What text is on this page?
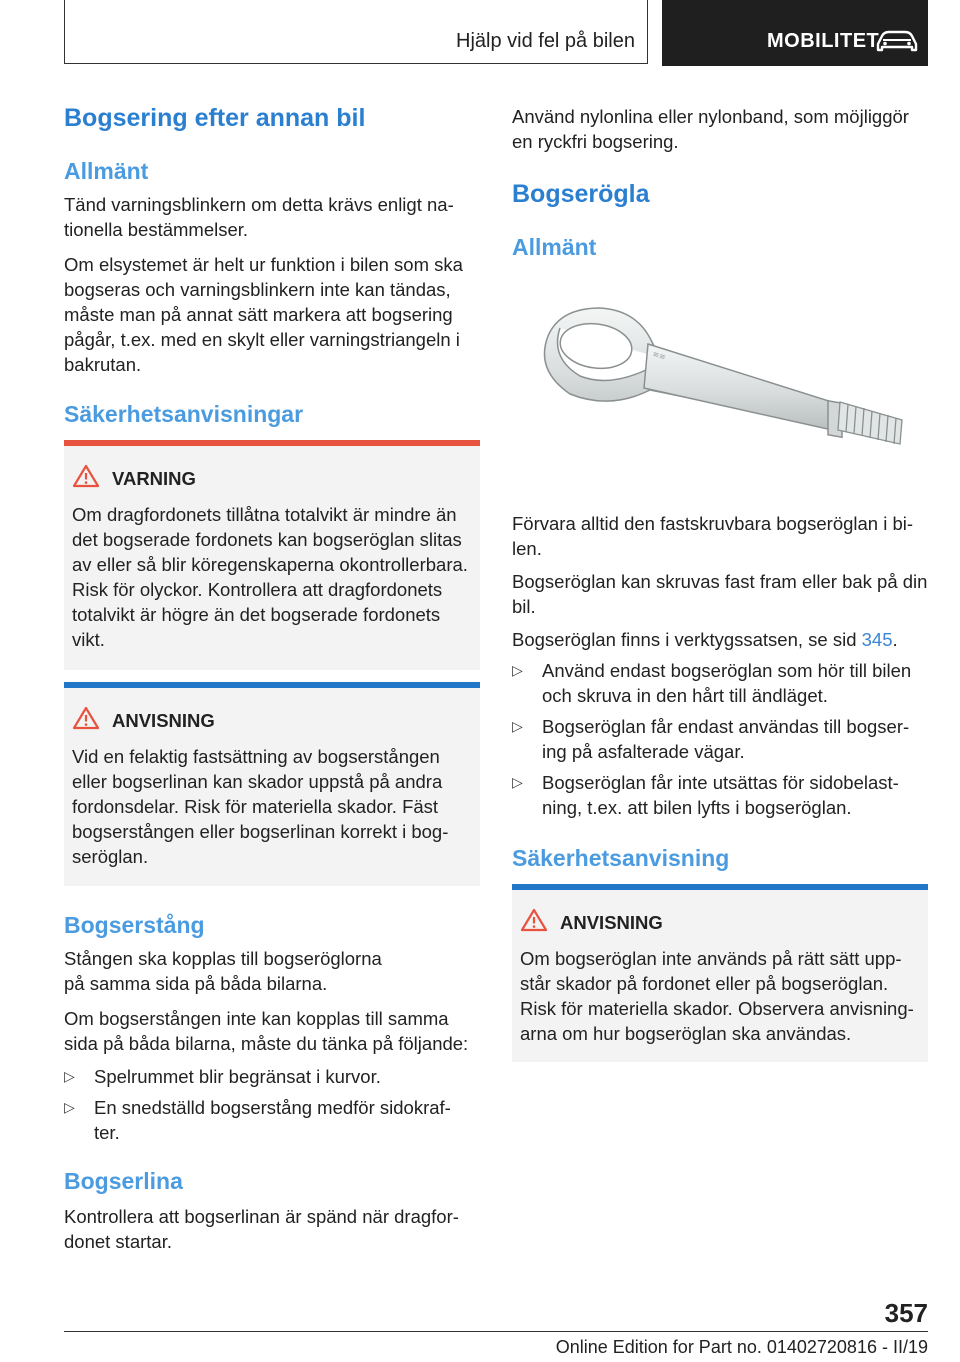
Hjälp vid fel på bilen	MOBILITET
Bogsering efter annan bil
Allmänt

Tänd varningsblinkern om detta krävs enligt na-tionella bestämmelser.

Om elsystemet är helt ur funktion i bilen som ska bogseras och varningsblinkern inte kan tändas, måste man på annat sätt markera att bogsering pågår, t.ex. med en skylt eller varningstriangeln i bakrutan.

Säkerhetsanvisningar
VARNING
Om dragfordonets tillåtna totalvikt är mindre än det bogserade fordonets kan bogseröglan slitas av eller så blir köregenskaperna okontrollerbara. Risk för olyckor. Kontrollera att dragfordonets totalvikt är högre än det bogserade fordonets vikt.
ANVISNING
Vid en felaktig fastsättning av bogserstången eller bogserlinan kan skador uppstå på andra fordonsdelar. Risk för materiella skador. Fäst bogserstången eller bogserlinan korrekt i bog-seröglan.
Bogserstång

Stången ska kopplas till bogseröglorna
på samma sida på båda bilarna.

Om bogserstången inte kan kopplas till samma sida på båda bilarna, måste du tänka på följande:

▷ Spelrummet blir begränsat i kurvor.
▷ En snedställd bogserstång medför sidokraf-ter.
Bogserlina

Kontrollera att bogserlinan är spänd när dragfor-donet startar.

Använd nylonlina eller nylonband, som möjliggör en ryckfri bogsering.

Bogserögla
Allmänt
≡≡

Förvara alltid den fastskruvbara bogseröglan i bi-len.

Bogseröglan kan skruvas fast fram eller bak på din bil.

Bogseröglan finns i verktygssatsen, se sid 345.

▷ Använd endast bogseröglan som hör till bilen och skruva in den hårt till ändläget.
▷ Bogseröglan får endast användas till bogser-ing på asfalterade vägar.
▷ Bogseröglan får inte utsättas för sidobelast-ning, t.ex. att bilen lyfts i bogseröglan.
Säkerhetsanvisning
ANVISNING
Om bogseröglan inte används på rätt sätt upp-står skador på fordonet eller på bogseröglan. Risk för materiella skador. Observera anvisning-arna om hur bogseröglan ska användas.
357
Online Edition for Part no. 01402720816 - II/19
